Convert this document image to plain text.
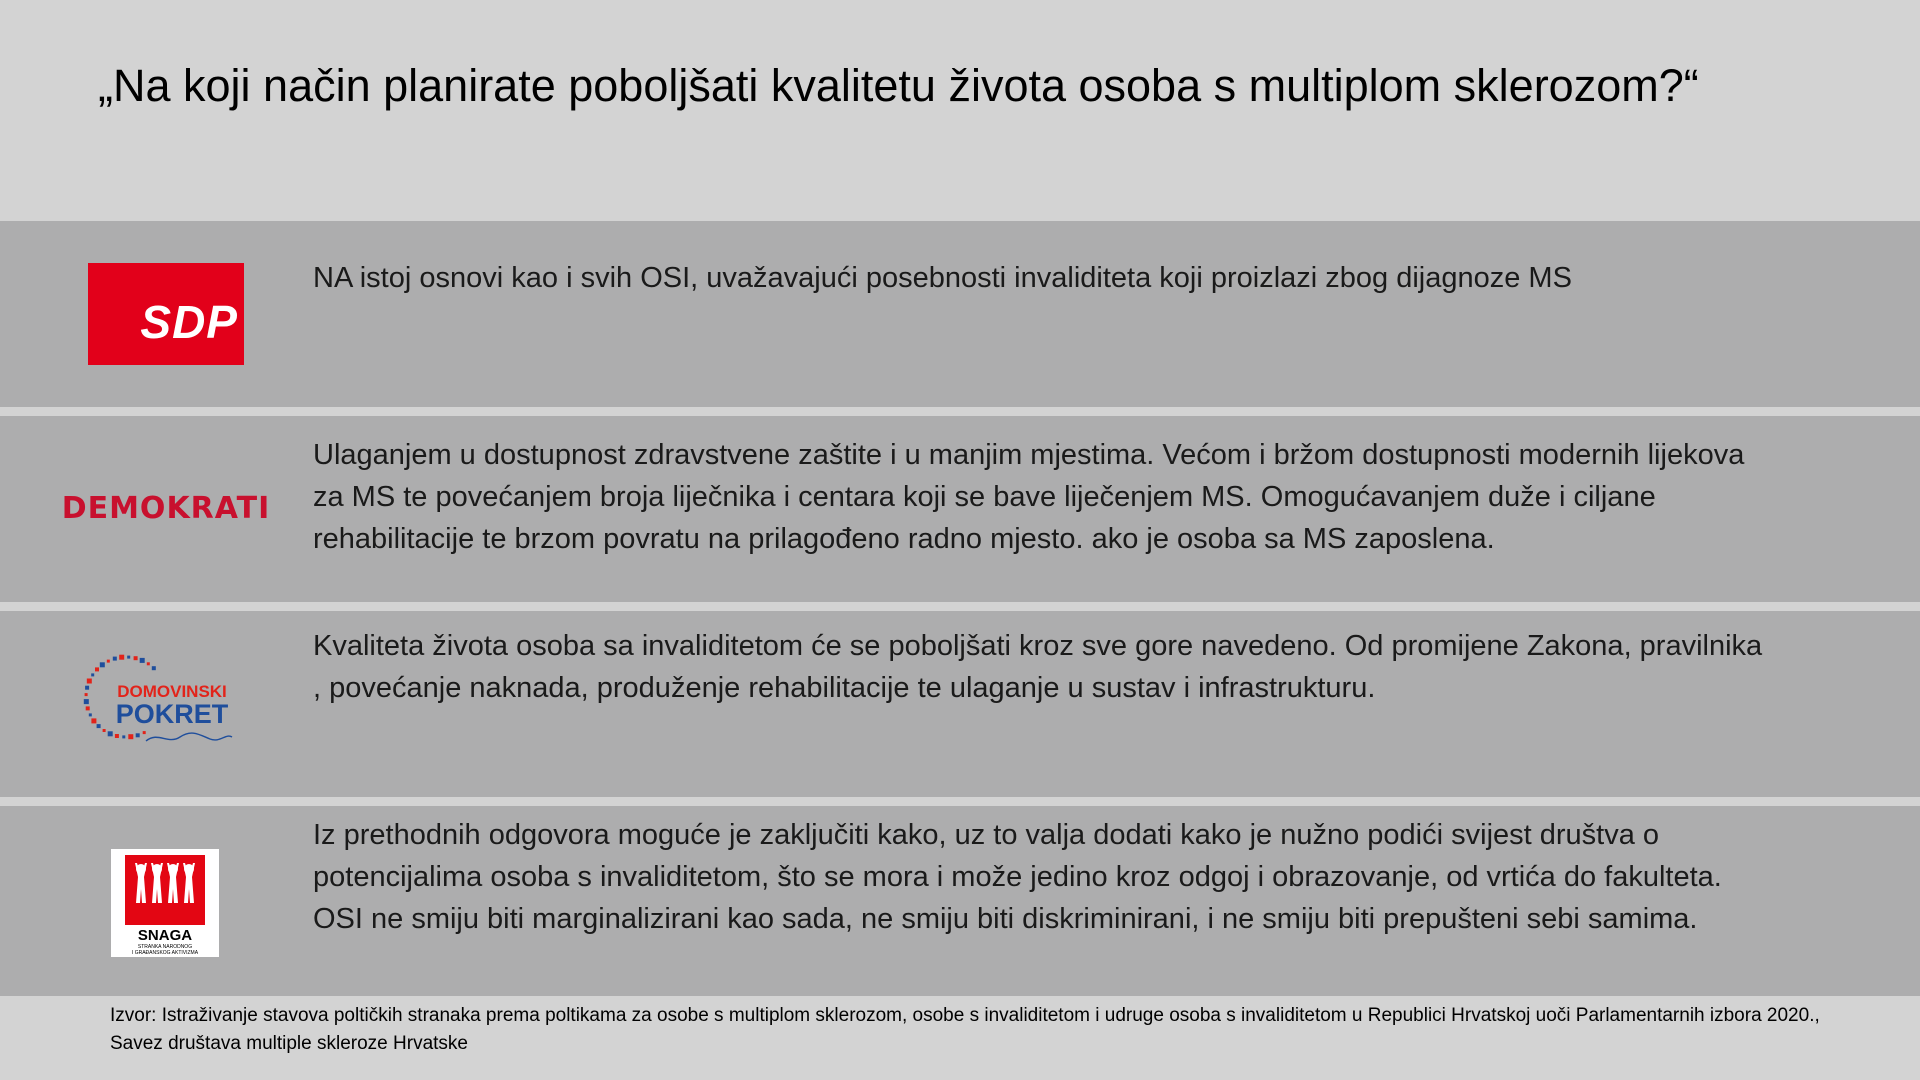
„Na koji način planirate poboljšati kvalitetu života osoba s multiplom sklerozom?“
SDP
NA istoj osnovi kao i svih OSI, uvažavajući posebnosti invaliditeta koji proizlazi zbog dijagnoze MS
DEMOKRATI
Ulaganjem u dostupnost zdravstvene zaštite i u manjim mjestima. Većom i bržom dostupnosti modernih lijekova za MS te povećanjem broja liječnika i centara koji se bave liječenjem MS. Omogućavanjem duže i ciljane rehabilitacije te brzom povratu na prilagođeno radno mjesto. ako je osoba sa MS zaposlena.
DOMOVINSKI
POKRET
Kvaliteta života osoba sa invaliditetom će se poboljšati kroz sve gore navedeno. Od promijene Zakona, pravilnika , povećanje naknada, produženje rehabilitacije te ulaganje u sustav i infrastrukturu.
SNAGA
STRANKA NARODNOG
I GRAĐANSKOG AKTIVIZMA
Iz prethodnih odgovora moguće je zaključiti kako, uz to valja dodati kako je nužno podići svijest društva o potencijalima osoba s invaliditetom, što se mora i može jedino kroz odgoj i obrazovanje, od vrtića do fakulteta. OSI ne smiju biti marginalizirani kao sada, ne smiju biti diskriminirani, i ne smiju biti prepušteni sebi samima.
Izvor: Istraživanje stavova poltičkih stranaka prema poltikama za osobe s multiplom sklerozom, osobe s invaliditetom i udruge osoba s invaliditetom u Republici Hrvatskoj uoči Parlamentarnih izbora 2020., Savez društava multiple skleroze Hrvatske
